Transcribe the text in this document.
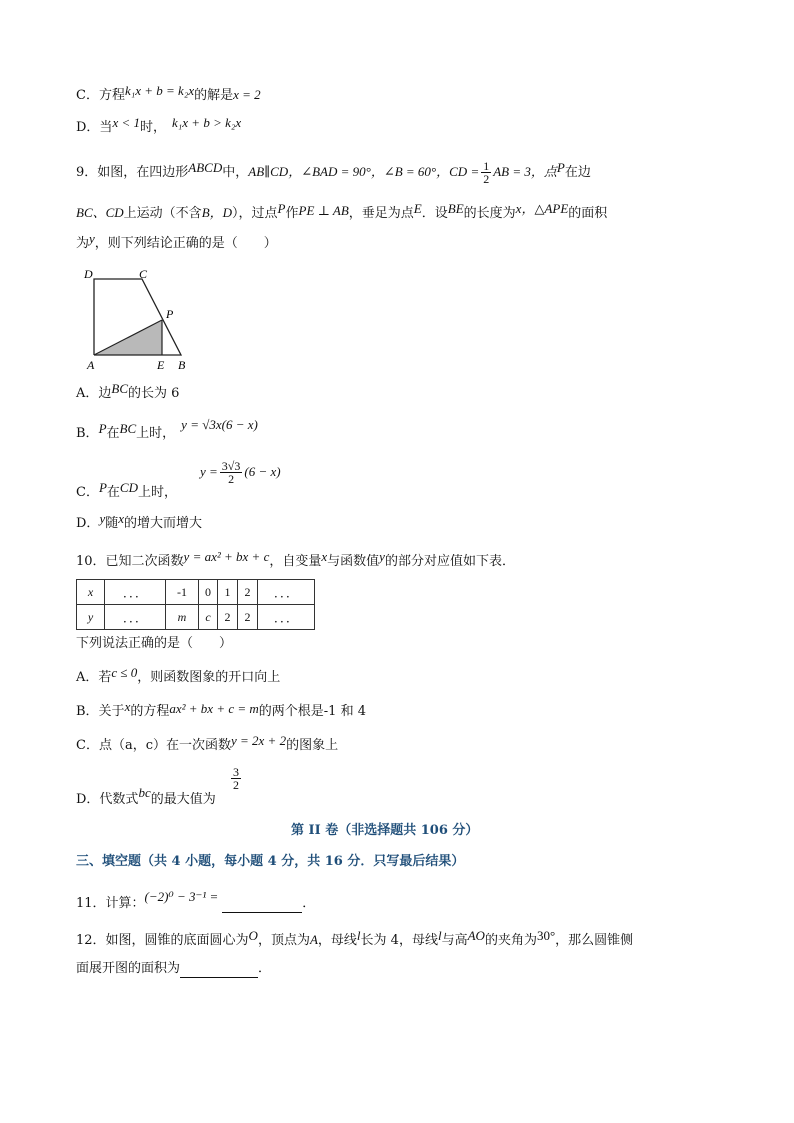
C．方程k₁x + b = k₂x的解是x = 2
D．当x < 1时， k₁x + b > k₂x
9．如图，在四边形ABCD中，AB∥CD，∠BAD = 90°，∠B = 60°，CD = $\frac{1}{2}$ AB = 3，点P在边
BC、CD上运动（不含B，D），过点P作PE ⊥ AB，垂足为点E．设BE的长度为x，△APE的面积
为y，则下列结论正确的是（　　）
D	C
P
A	E B
A．边BC的长为 6
B．P在BC上时，y = √3x(6 − x)
C．P在CD上时，
$y = \frac{3√3}{2} (6 - x)$
D．y随x的增大而增大
10．已知二次函数y = ax² + bx + c，自变量x与函数值y的部分对应值如下表．
x	．．．	-1	0	1	2	．．．
y	．．．	m	c	2	2	．．．
下列说法正确的是（　　）
A．若c ≤ 0，则函数图象的开口向上
B．关于x的方程ax² + bx + c = m的两个根是-1 和 4
C．点（a，c）在一次函数y = 2x + 2的图象上
D．代数式bc的最大值为
$\frac{3}{2}$
第 II 卷（非选择题共 106 分）
三、填空题（共 4 小题，每小题 4 分，共 16 分．只写最后结果）
11．计算：(−2)⁰ − 3⁻¹ =	．
12．如图，圆锥的底面圆心为O，顶点为A，母线l长为 4，母线l与高AO的夹角为30°，那么圆锥侧
面展开图的面积为	．
